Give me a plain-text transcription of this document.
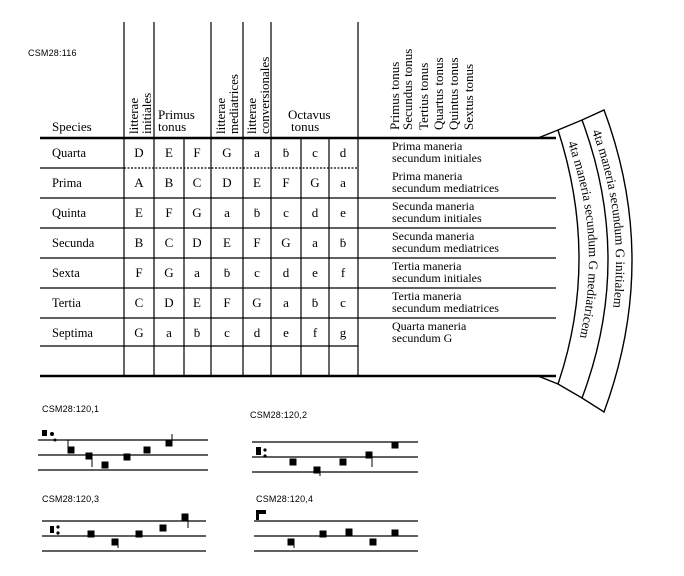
CSM28:116
4ta maneria secundum G initialem
4ta maneria secundum G mediatricem
litterae
initiales	litterae
mediatrices litterae
conversionales	Primus tonus
Secundus tonus Tertius tonus Quartus tonus Quintus tonus Sextus tonus
Species
Primus
tonus
Octavus
tonus
Quarta	D E F G a ḃ c d	Prima maneria
secundum initiales
Prima	A B C D E F G a	Prima maneria
secundum mediatrices
Quinta	E F G a ḃ c d e	Secunda maneria
secundum initiales
Secunda	B C D E F G a ḃ	Secunda maneria
secundum mediatrices
Sexta	F G a ḃ c d e f	Tertia maneria
secundum initiales
Tertia	C D E F G a ḃ c	Tertia maneria
secundum mediatrices
Septima	G a ḃ c d e f g	Quarta maneria
secundum G
CSM28:120,1
CSM28:120,2
CSM28:120,3	CSM28:120,4
